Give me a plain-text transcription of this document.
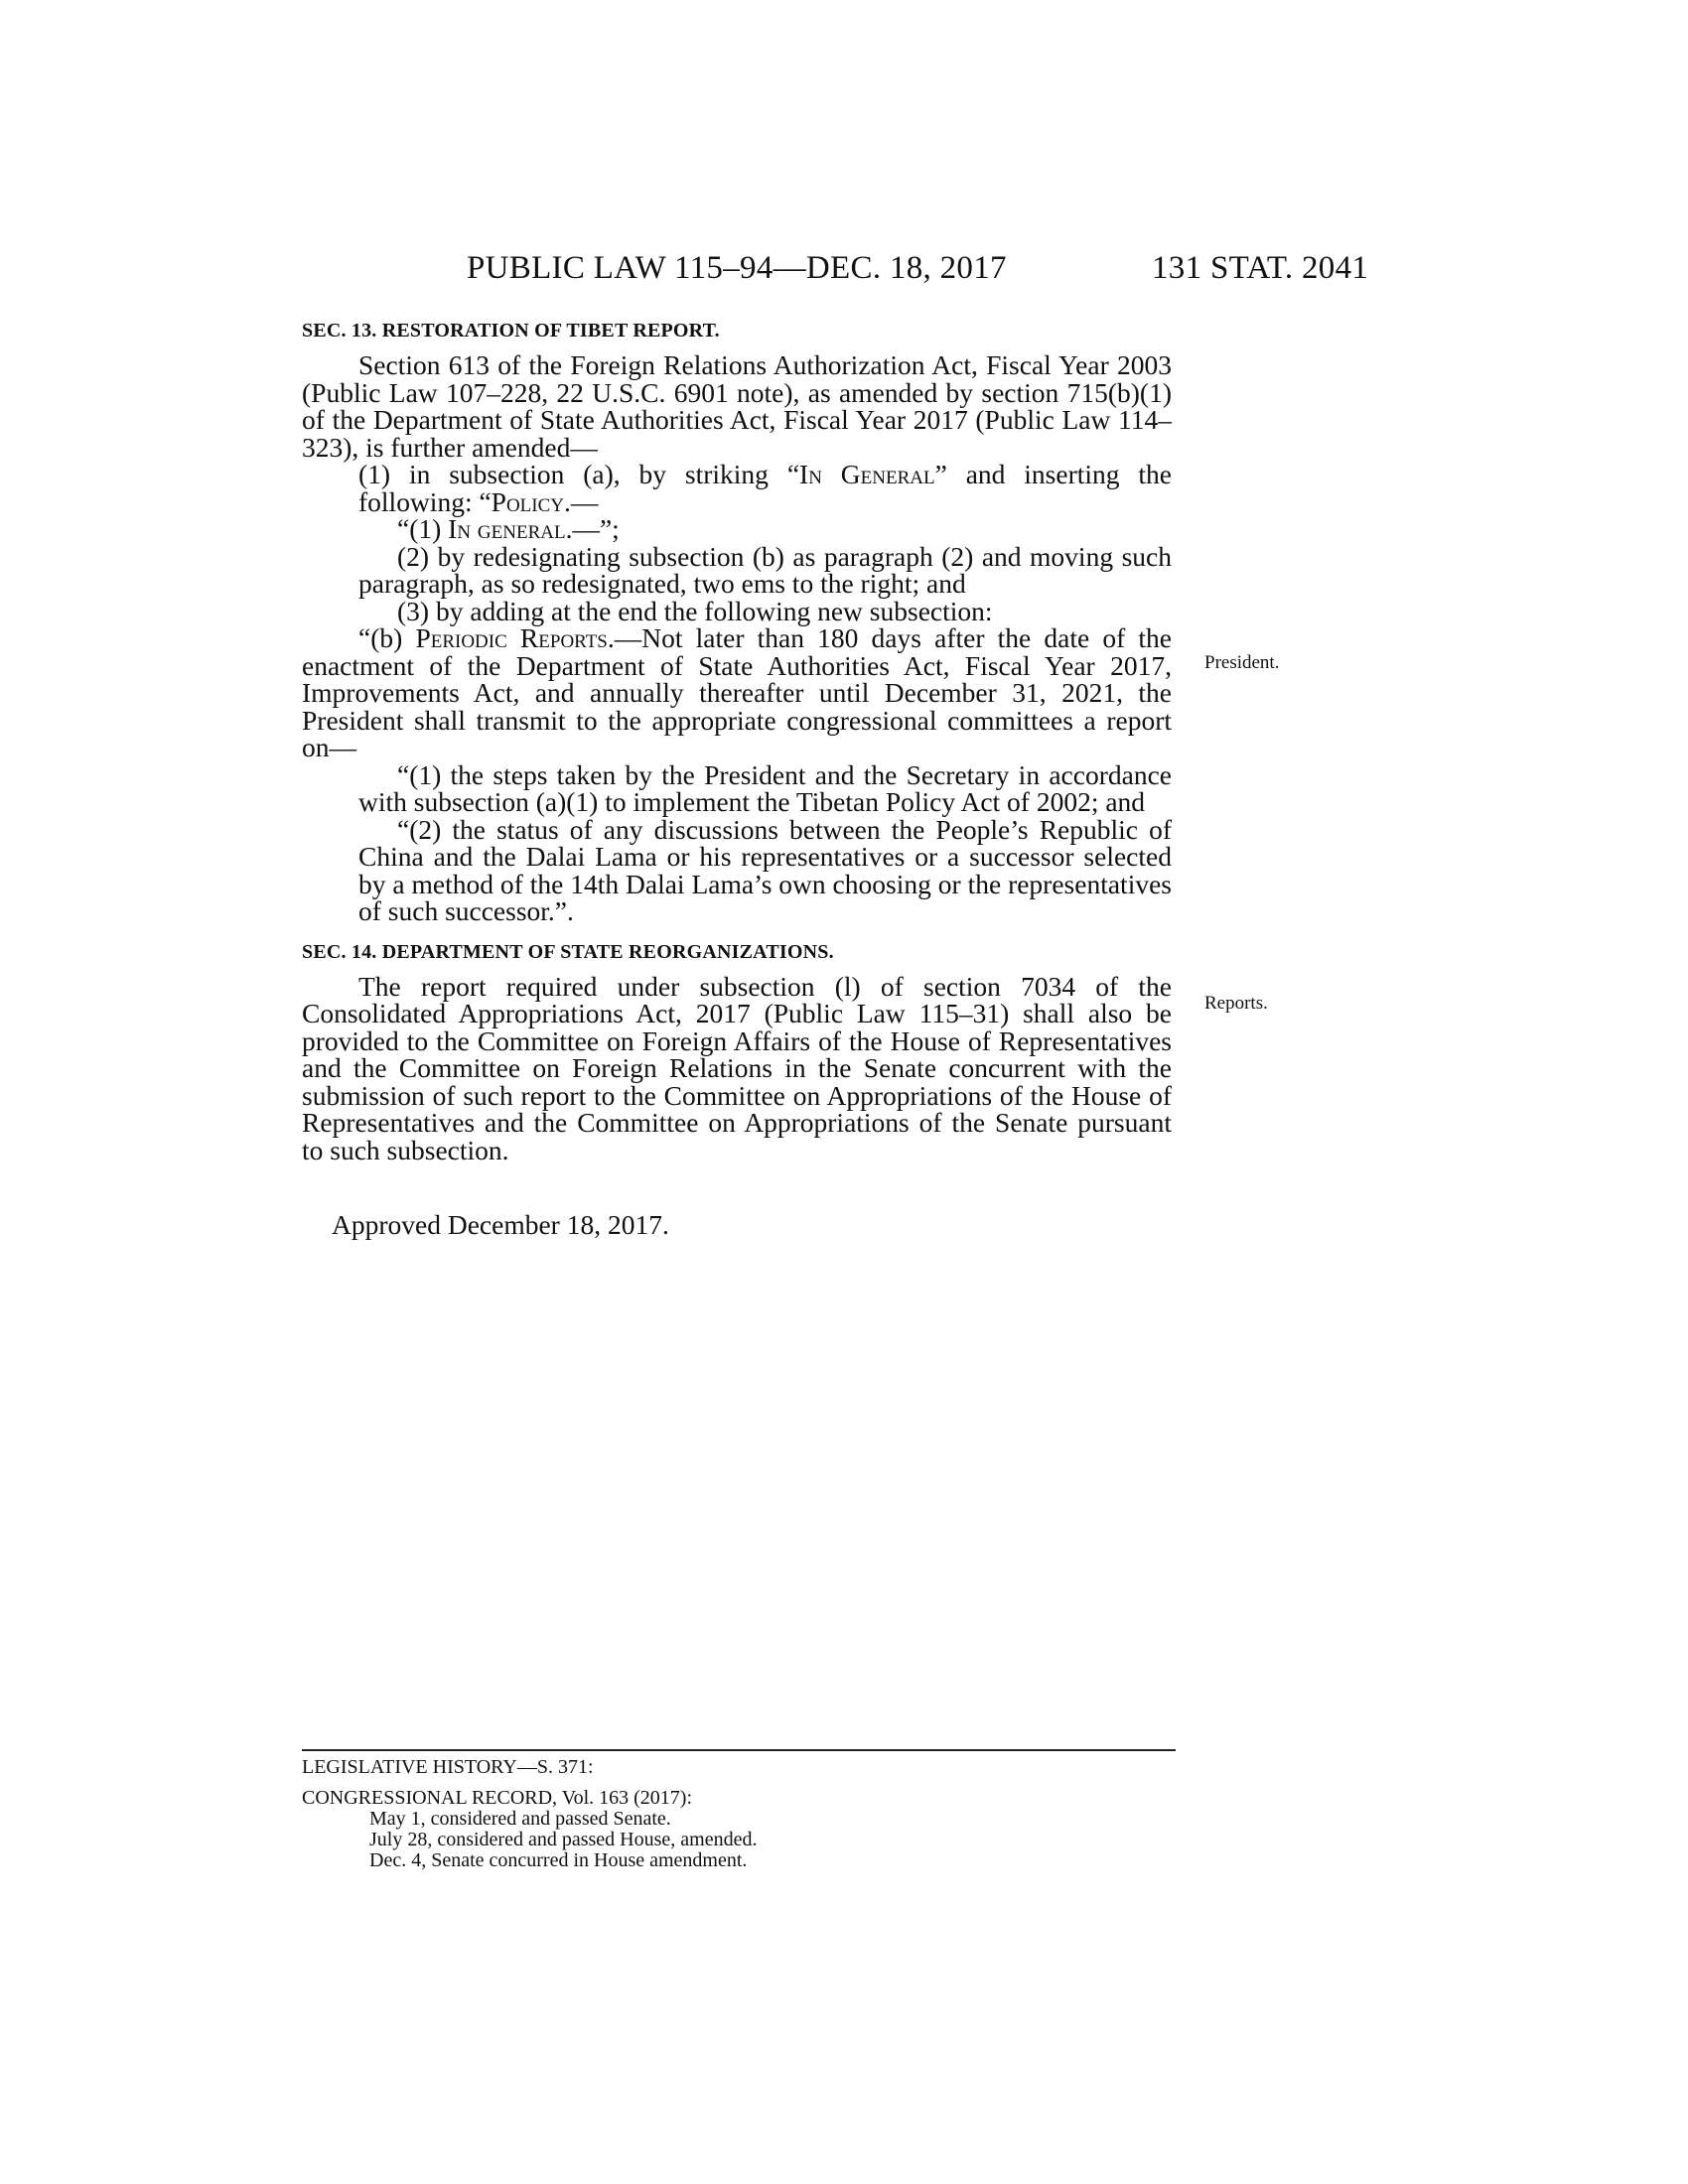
PUBLIC LAW 115–94—DEC. 18, 2017	131 STAT. 2041
President.
Reports.
SEC. 13. RESTORATION OF TIBET REPORT.

Section 613 of the Foreign Relations Authorization Act, Fiscal Year 2003 (Public Law 107–228, 22 U.S.C. 6901 note), as amended by section 715(b)(1) of the Department of State Authorities Act, Fiscal Year 2017 (Public Law 114–323), is further amended—

(1) in subsection (a), by striking “In General” and inserting the following: “Policy.—

“(1) In general.—”;

(2) by redesignating subsection (b) as paragraph (2) and moving such paragraph, as so redesignated, two ems to the right; and

(3) by adding at the end the following new subsection:

“(b) Periodic Reports.—Not later than 180 days after the date of the enactment of the Department of State Authorities Act, Fiscal Year 2017, Improvements Act, and annually thereafter until December 31, 2021, the President shall transmit to the appropriate congressional committees a report on—

“(1) the steps taken by the President and the Secretary in accordance with subsection (a)(1) to implement the Tibetan Policy Act of 2002; and

“(2) the status of any discussions between the People’s Republic of China and the Dalai Lama or his representatives or a successor selected by a method of the 14th Dalai Lama’s own choosing or the representatives of such successor.”.

SEC. 14. DEPARTMENT OF STATE REORGANIZATIONS.

The report required under subsection (l) of section 7034 of the Consolidated Appropriations Act, 2017 (Public Law 115–31) shall also be provided to the Committee on Foreign Affairs of the House of Representatives and the Committee on Foreign Relations in the Senate concurrent with the submission of such report to the Committee on Appropriations of the House of Representatives and the Committee on Appropriations of the Senate pursuant to such subsection.

Approved December 18, 2017.

LEGISLATIVE HISTORY—S. 371:
CONGRESSIONAL RECORD, Vol. 163 (2017):
May 1, considered and passed Senate.
July 28, considered and passed House, amended.
Dec. 4, Senate concurred in House amendment.
